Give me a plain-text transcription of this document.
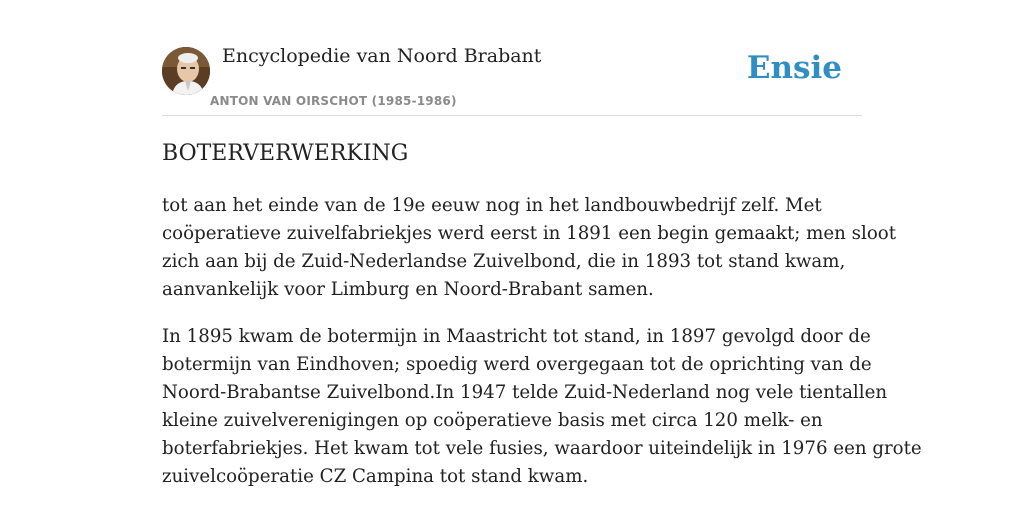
Encyclopedie van Noord Brabant
ANTON VAN OIRSCHOT (1985-1986)
Ensie
BOTERVERWERKING

tot aan het einde van de 19e eeuw nog in het landbouwbedrijf zelf. Met
coöperatieve zuivelfabriekjes werd eerst in 1891 een begin gemaakt; men sloot
zich aan bij de Zuid-Nederlandse Zuivelbond, die in 1893 tot stand kwam,
aanvankelijk voor Limburg en Noord-Brabant samen.

In 1895 kwam de botermijn in Maastricht tot stand, in 1897 gevolgd door de
botermijn van Eindhoven; spoedig werd overgegaan tot de oprichting van de
Noord-Brabantse Zuivelbond.In 1947 telde Zuid-Nederland nog vele tientallen
kleine zuivelverenigingen op coöperatieve basis met circa 120 melk- en
boterfabriekjes. Het kwam tot vele fusies, waardoor uiteindelijk in 1976 een grote
zuivelcoöperatie CZ Campina tot stand kwam.
